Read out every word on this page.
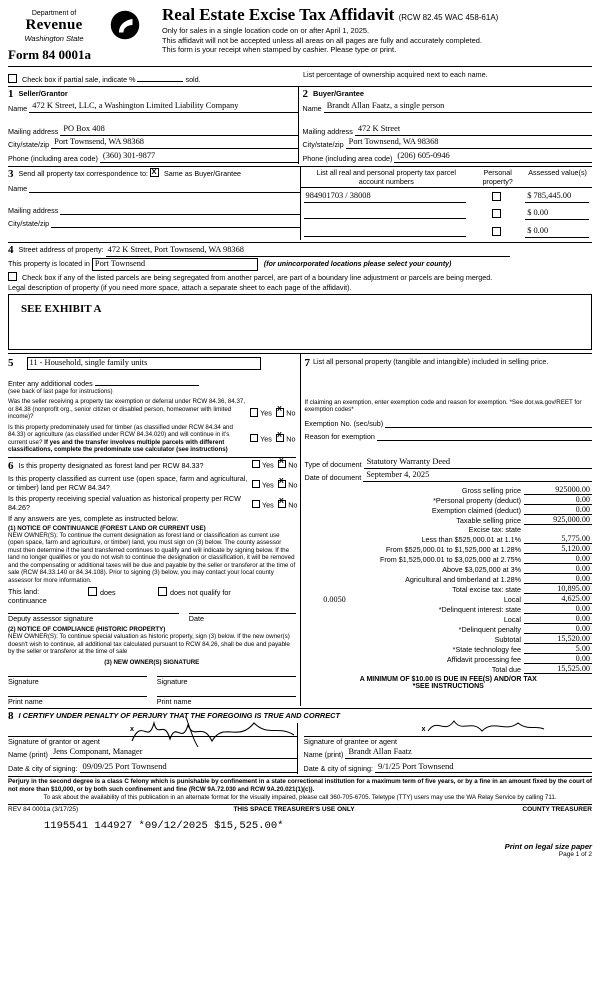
Department of
Revenue
Washington State
Form 84 0001a
Real Estate Excise Tax Affidavit (RCW 82.45 WAC 458-61A)
Only for sales in a single location code on or after April 1, 2025.
This affidavit will not be accepted unless all areas on all pages are fully and accurately completed.
This form is your receipt when stamped by cashier. Please type or print.
Check box if partial sale, indicate %	sold.
List percentage of ownership acquired next to each name.
1 Seller/Grantor
Name 472 K Street, LLC, a Washington Limited Liability Company
Mailing address PO Box 408
City/state/zip Port Townsend, WA 98368
Phone (including area code) (360) 301-9877
2 Buyer/Grantee
Name Brandt Allan Faatz, a single person
Mailing address 472 K Street
City/state/zip Port Townsend, WA 98368
Phone (including area code) (206) 605-0946
3 Send all property tax correspondence to: X Same as Buyer/Grantee
Name
Mailing address
City/state/zip
List all real and personal property tax parcel account numbers	Personal property?	Assessed value(s)
984901703 / 38008		$ 785,445.00
		$ 0.00
		$ 0.00
4 Street address of property: 472 K Street, Port Townsend, WA 98368
This property is located in Port Townsend	(for unincorporated locations please select your county)
Check box if any of the listed parcels are being segregated from another parcel, are part of a boundary line adjustment or parcels are being merged.
Legal description of property (if you need more space, attach a separate sheet to each page of the affidavit).
SEE EXHIBIT A
5 11 - Household, single family units
Enter any additional codes
(see back of last page for instructions)
Was the seller receiving a property tax exemption or deferral under RCW 84.36, 84.37, or 84.38 (nonprofit org., senior citizen or disabled person, homeowner with limited income)?	Yes X No
Is this property predominately used for timber (as classified under RCW 84.34 and 84.33) or agriculture (as classified under RCW 84.34.020) and will continue in it's current use? If yes and the transfer involves multiple parcels with different classifications, complete the predominate use calculator (see instructions)
Yes X No
6 Is this property designated as forest land per RCW 84.33?	Yes X No
Is this property classified as current use (open space, farm and agricultural, or timber) land per RCW 84.34?	Yes X No
Is this property receiving special valuation as historical property per RCW 84.26?	Yes X No
If any answers are yes, complete as instructed below.
(1) NOTICE OF CONTINUANCE (FOREST LAND OR CURRENT USE)
NEW OWNER(S): To continue the current designation as forest land or classification as current use (open space, farm and agriculture, or timber) land, you must sign on (3) below. The county assessor must then determine if the land transferred continues to qualify and will indicate by signing below. If the land no longer qualifies or you do not wish to continue the designation or classification, it will be removed and the compensating or additional taxes will be due and payable by the seller or transferor at the time of sale (RCW 84.33.140 or 84.34.108). Prior to signing (3) below, you may contact your local county assessor for more information.
This land:
continuance
does	does not qualify for
Deputy assessor signature	Date
(2) NOTICE OF COMPLIANCE (HISTORIC PROPERTY)
NEW OWNER(S): To continue special valuation as historic property, sign (3) below. If the new owner(s) doesn't wish to continue, all additional tax calculated pursuant to RCW 84.26, shall be due and payable by the seller or transferor at the time of sale
(3) NEW OWNER(S) SIGNATURE
Signature	Signature
Print name	Print name
7 List all personal property (tangible and intangible) included in selling price.
If claiming an exemption, enter exemption code and reason for exemption. *See dor.wa.gov/REET for exemption codes*
Exemption No. (sec/sub)
Reason for exemption
Type of document Statutory Warranty Deed
Date of document September 4, 2025
Gross selling price	925000.00
*Personal property (deduct)	0.00
Exemption claimed (deduct)	0.00
Taxable selling price	925,000.00
Excise tax: state
Less than $525,000.01 at 1.1%	5,775.00
From $525,000.01 to $1,525,000 at 1.28%	5,120.00
From $1,525,000.01 to $3,025,000 at 2.75%	0.00
Above $3,025,000 at 3%	0.00
Agricultural and timberland at 1.28%	0.00
Total excise tax: state	10,895.00
0.0050	Local	4,625.00
*Delinquent interest: state	0.00
Local	0.00
*Delinquent penalty	0.00
Subtotal	15,520.00
*State technology fee	5.00
Affidavit processing fee	0.00
Total due	15,525.00
A MINIMUM OF $10.00 IS DUE IN FEE(S) AND/OR TAX
*SEE INSTRUCTIONS
8 I CERTIFY UNDER PENALTY OF PERJURY THAT THE FOREGOING IS TRUE AND CORRECT
x

Signature of grantor or agent
Name (print) Jens Componant, Manager
Date & city of signing: 09/09/25 Port Townsend
x
Signature of grantee or agent
Name (print) Brandt Allan Faatz
Date & city of signing: 9/1/25 Port Townsend
Perjury in the second degree is a class C felony which is punishable by confinement in a state correctional institution for a maximum term of five years, or by a fine in an amount fixed by the court of not more than $10,000, or by both such confinement and fine (RCW 9A.72.030 and RCW 9A.20.021(1)(c)).
To ask about the availability of this publication in an alternate format for the visually impaired, please call 360-705-6705. Teletype (TTY) users may use the WA Relay Service by calling 711.
REV 84 0001a (3/17/25)	THIS SPACE TREASURER'S USE ONLY	COUNTY TREASURER
1195541 144927 *09/12/2025 $15,525.00*
Print on legal size paper
Page 1 of 2
